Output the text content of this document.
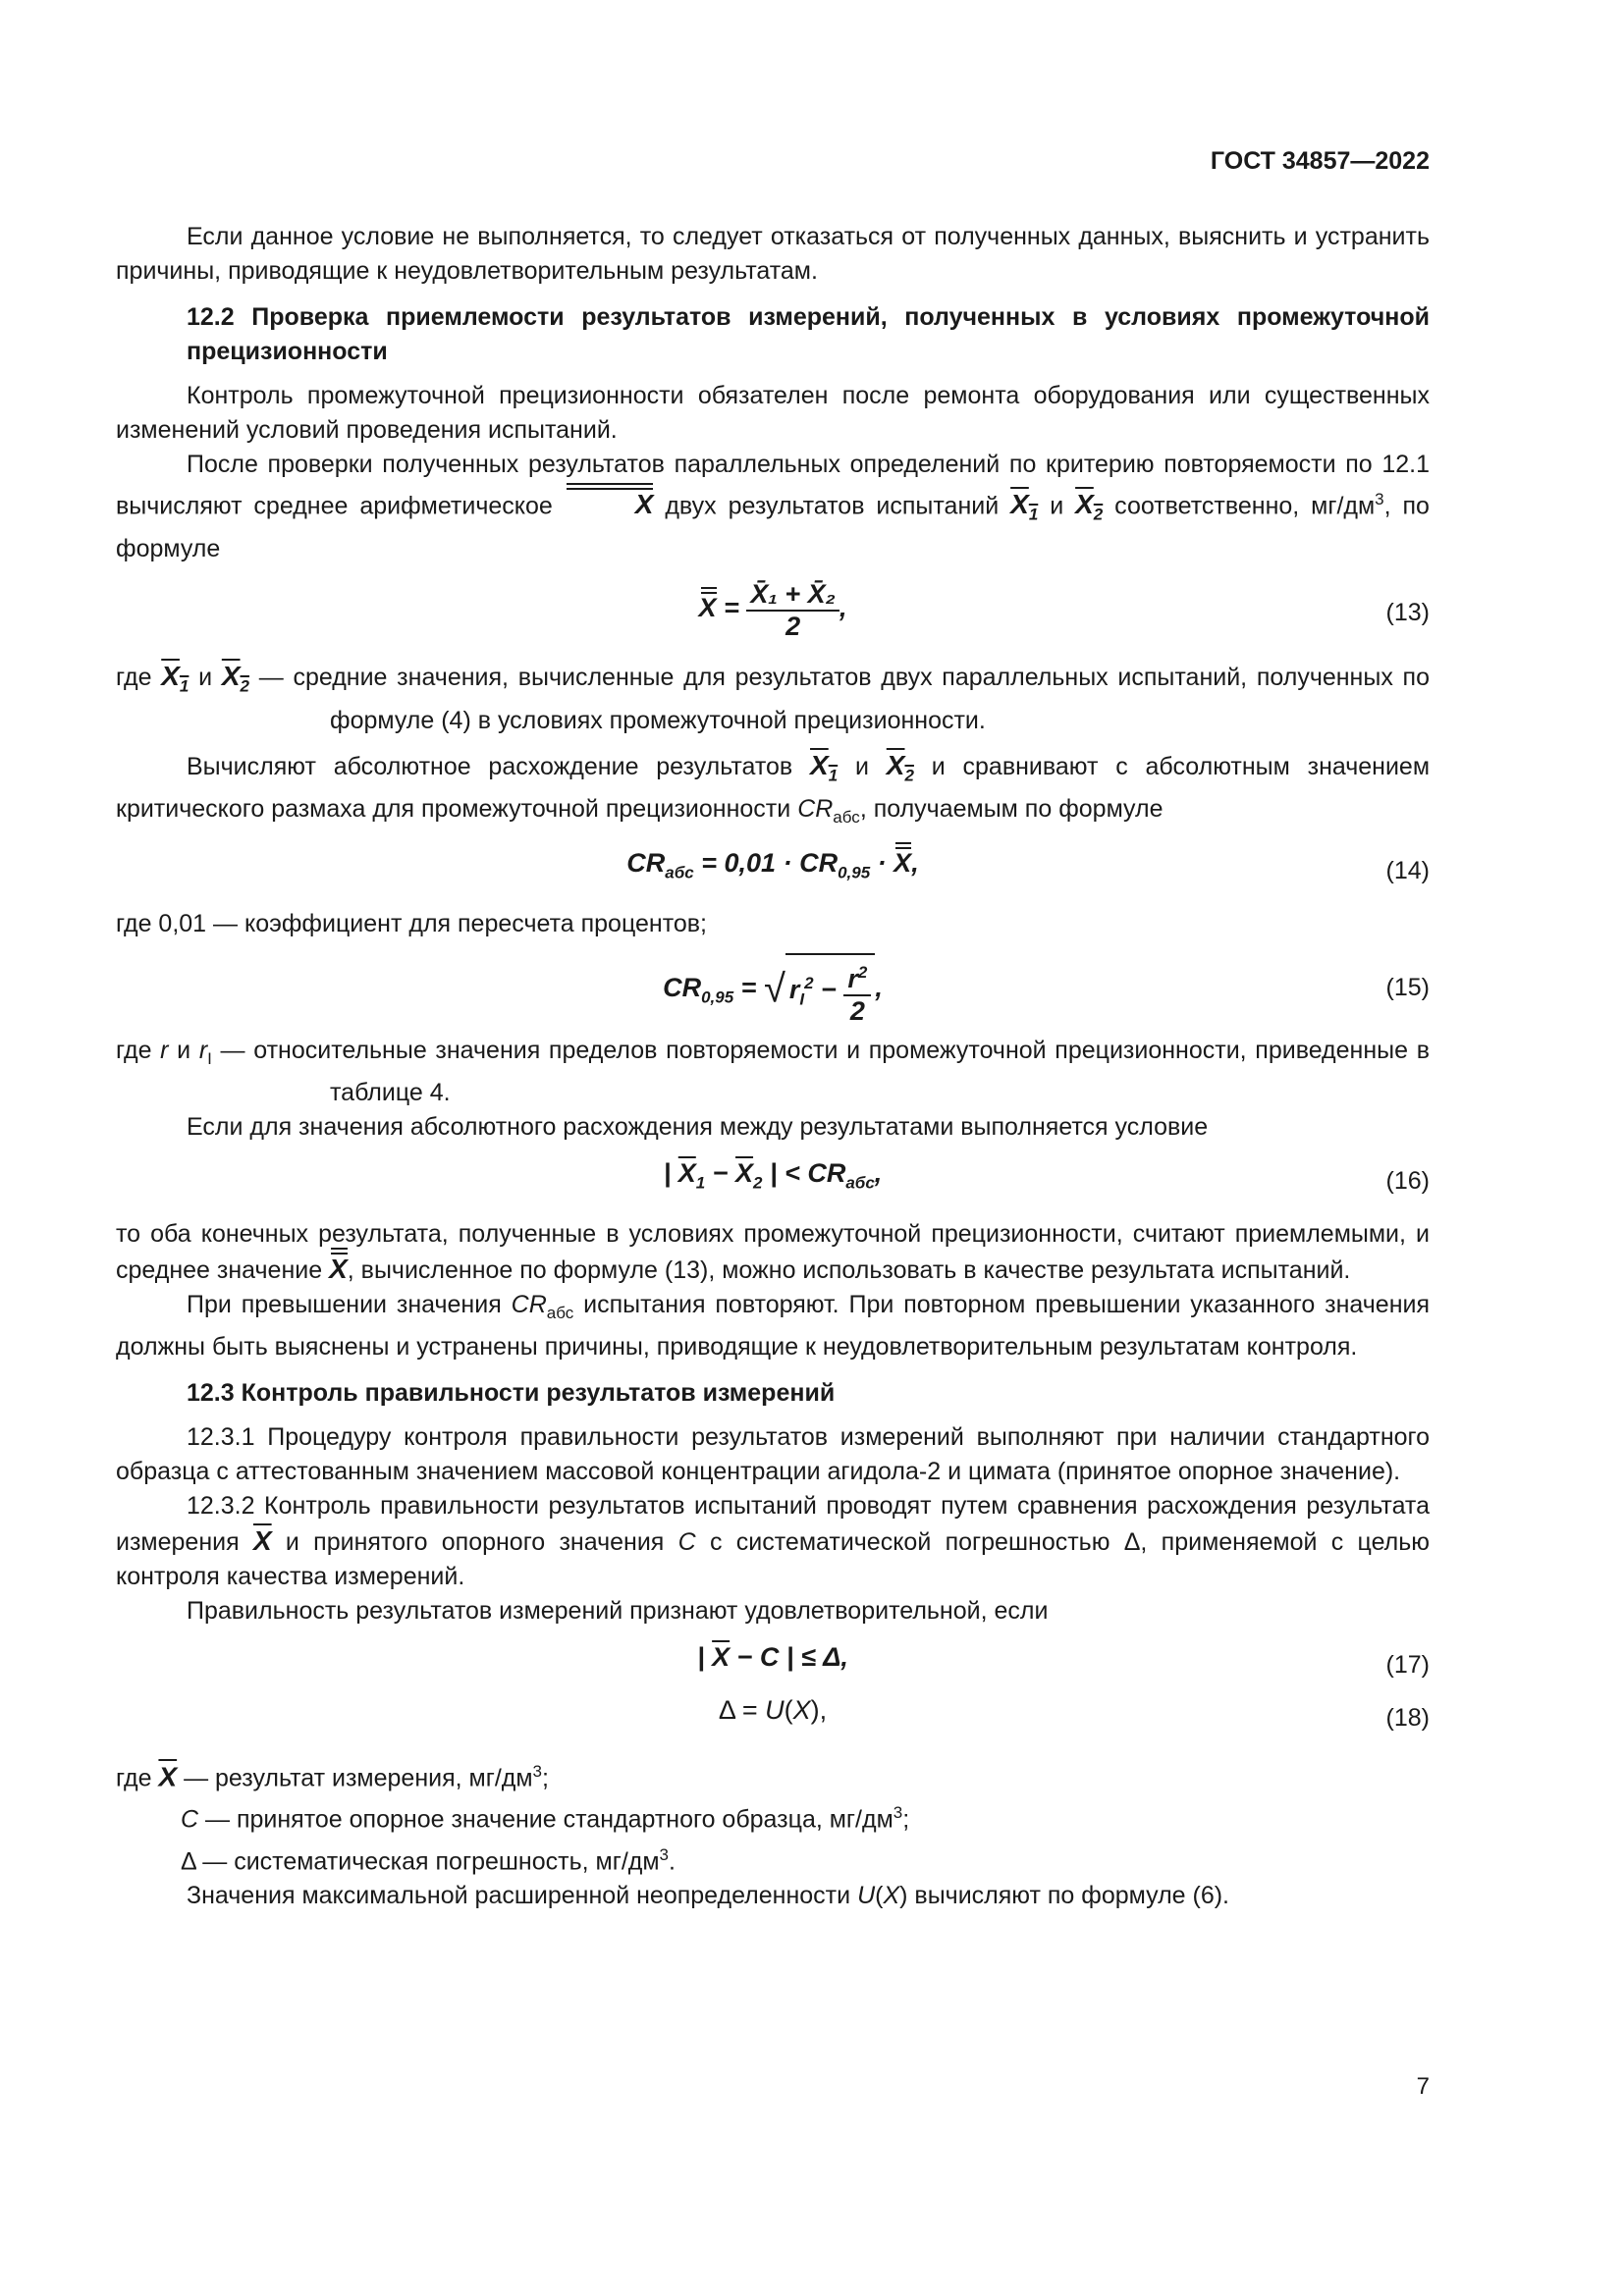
ГОСТ 34857—2022

Если данное условие не выполняется, то следует отказаться от полученных данных, выяснить и устранить причины, приводящие к неудовлетворительным результатам.

12.2 Проверка приемлемости результатов измерений, полученных в условиях промежуточной прецизионности

Контроль промежуточной прецизионности обязателен после ремонта оборудования или существенных изменений условий проведения испытаний.

После проверки полученных результатов параллельных определений по критерию повторяемости по 12.1 вычисляют среднее арифметическое	X двух результатов испытаний $X_1$ и $X_2$ соответственно, $мг/дм^3$, по формуле

$X = \frac{\text{X̄₁ + X̄₂}}{2}$ ,	(13)

где $X_1$ и $X_2$ — средние значения, вычисленные для результатов двух параллельных испытаний, полученных по формуле (4) в условиях промежуточной прецизионности.

Вычисляют абсолютное расхождение результатов $X_1$ и $X_2$ и сравнивают с абсолютным значением критического размаха для промежуточной прецизионности $CR_{абс}$, получаемым по формуле

$CR_{абс} = 0,01 \cdot CR_{0,95} \cdot X$,	(14)

где 0,01 — коэффициент для пересчета процентов;

$CR_{0,95}$ = √ $r_I^2 - \frac{r^2}{2}$ ,	(15)

где r и $r_I$ — относительные значения пределов повторяемости и промежуточной прецизионности, приведенные в таблице 4.

Если для значения абсолютного расхождения между результатами выполняется условие

| $\overline{X}_1 - \overline{X}_2$ | < $CR_{абс}$,	(16)

то оба конечных результата, полученные в условиях промежуточной прецизионности, считают приемлемыми, и среднее значение X, вычисленное по формуле (13), можно использовать в качестве результата испытаний.

При превышении значения $CR_{абс}$ испытания повторяют. При повторном превышении указанного значения должны быть выяснены и устранены причины, приводящие к неудовлетворительным результатам контроля.

12.3 Контроль правильности результатов измерений

12.3.1 Процедуру контроля правильности результатов измерений выполняют при наличии стандартного образца с аттестованным значением массовой концентрации агидола-2 и цимата (принятое опорное значение).

12.3.2 Контроль правильности результатов испытаний проводят путем сравнения расхождения результата измерения $\overline{X}$ и принятого опорного значения C с систематической погрешностью Δ, применяемой с целью контроля качества измерений.

Правильность результатов измерений признают удовлетворительной, если

| $\overline{X} - C$ | ≤ Δ,	(17)
Δ = U(X),	(18)

где $\overline{X}$ — результат измерения, $мг/дм^3$;

C — принятое опорное значение стандартного образца, $мг/дм^3$;

Δ — систематическая погрешность, $мг/дм^3$.

Значения максимальной расширенной неопределенности U(X) вычисляют по формуле (6).

7
